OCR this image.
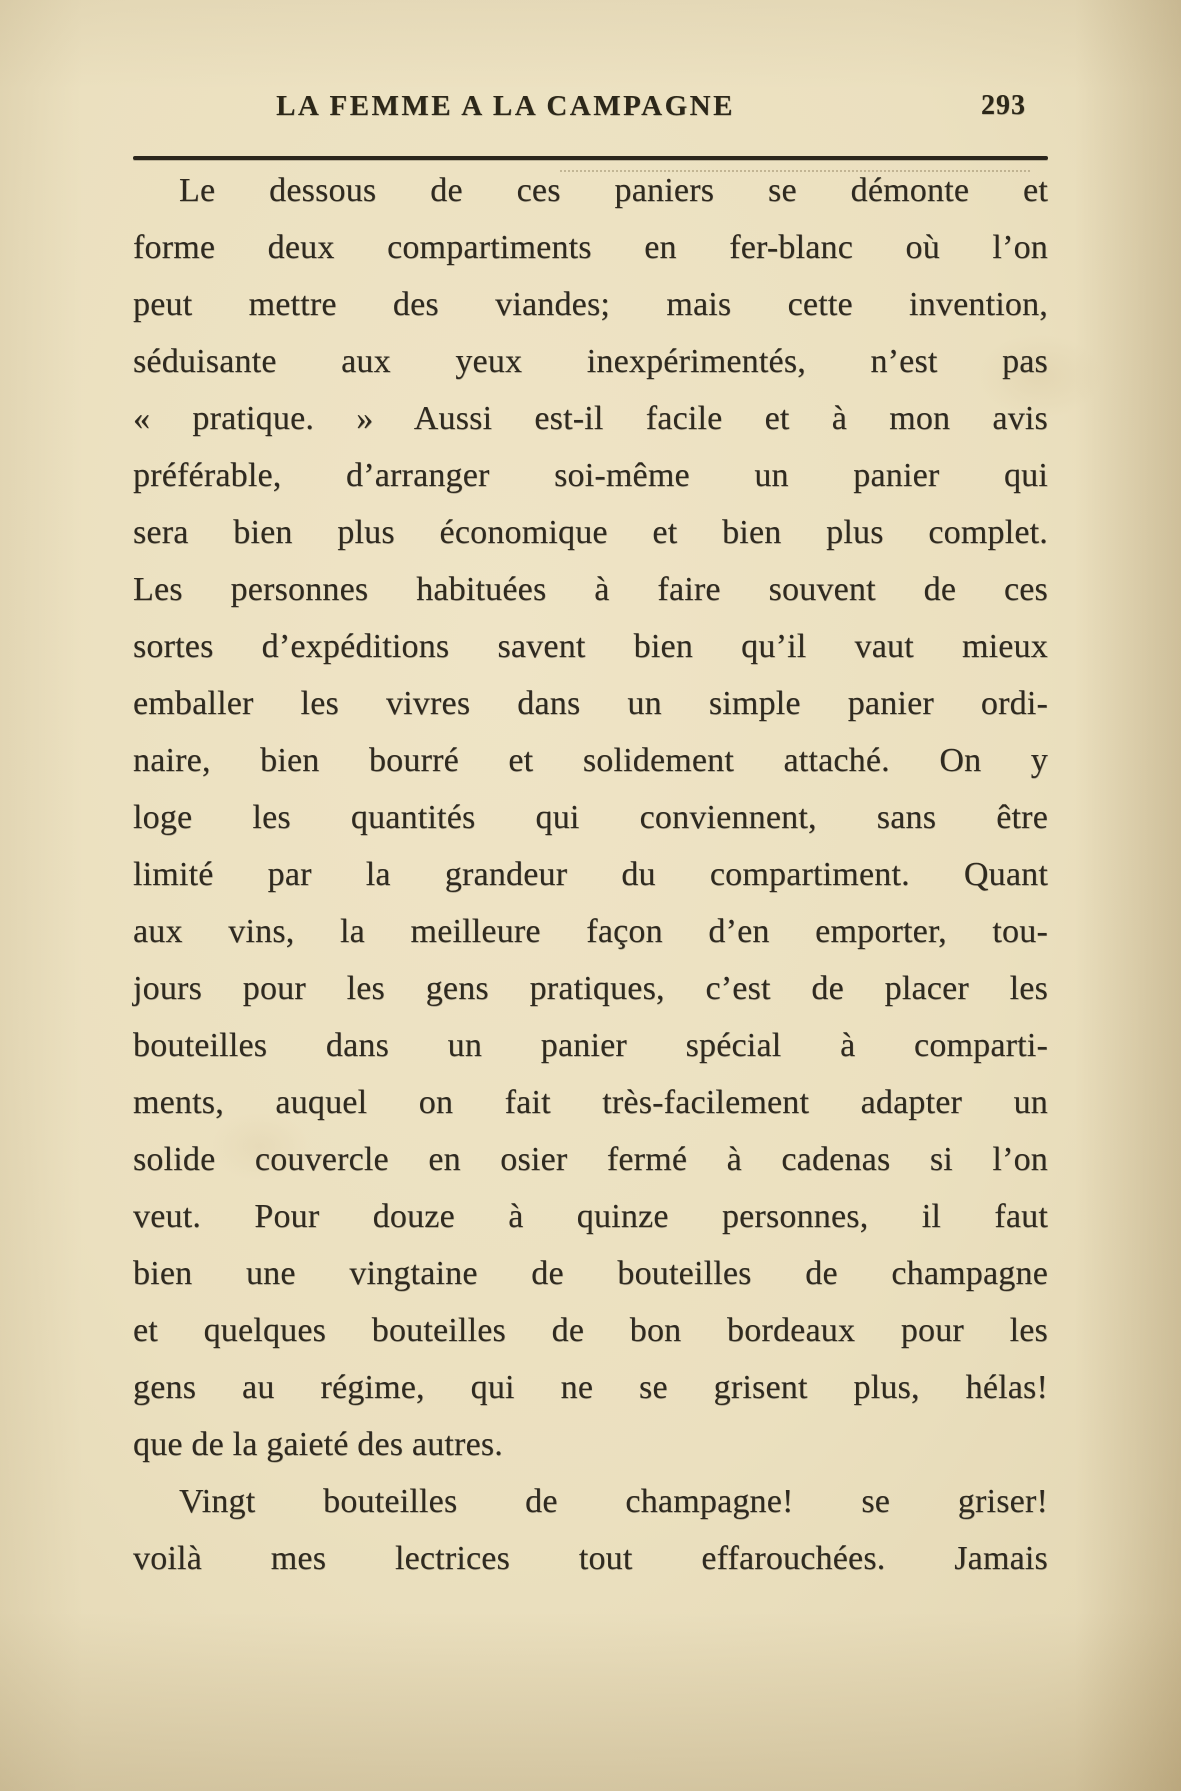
LA FEMME A LA CAMPAGNE	293
Le dessous de ces paniers se démonte et
forme deux compartiments en fer-blanc où l’on
peut mettre des viandes; mais cette invention,
séduisante aux yeux inexpérimentés, n’est pas
« pratique. » Aussi est-il facile et à mon avis
préférable, d’arranger soi-même un panier qui
sera bien plus économique et bien plus complet.
Les personnes habituées à faire souvent de ces
sortes d’expéditions savent bien qu’il vaut mieux
emballer les vivres dans un simple panier ordi-
naire, bien bourré et solidement attaché. On y
loge les quantités qui conviennent, sans être
limité par la grandeur du compartiment. Quant
aux vins, la meilleure façon d’en emporter, tou-
jours pour les gens pratiques, c’est de placer les
bouteilles dans un panier spécial à comparti-
ments, auquel on fait très-facilement adapter un
solide couvercle en osier fermé à cadenas si l’on
veut. Pour douze à quinze personnes, il faut
bien une vingtaine de bouteilles de champagne
et quelques bouteilles de bon bordeaux pour les
gens au régime, qui ne se grisent plus, hélas!
que de la gaieté des autres.
Vingt bouteilles de champagne! se griser!
voilà mes lectrices tout effarouchées. Jamais
